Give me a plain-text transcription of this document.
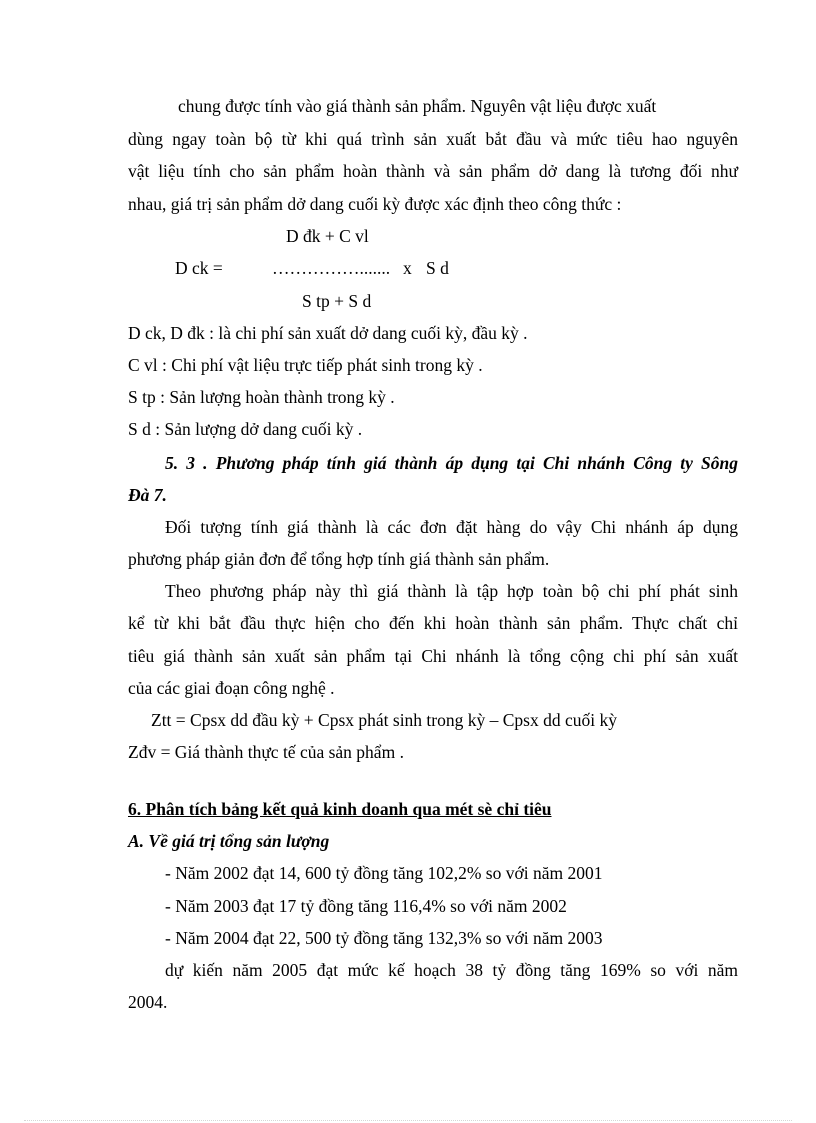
chung được tính vào giá thành sản phẩm. Nguyên vật liệu được xuất
dùng ngay toàn bộ từ khi quá trình sản xuất bắt đầu và mức tiêu hao nguyên
vật liệu tính cho sản phẩm hoàn thành và sản phẩm dở dang là tương đối như
nhau, giá trị sản phẩm dở dang cuối kỳ được xác định theo công thức :
D đk + C vl
D ck =	……………....... x S d
S tp + S d
D ck, D đk : là chi phí sản xuất dở dang cuối kỳ, đầu kỳ .
C vl : Chi phí vật liệu trực tiếp phát sinh trong kỳ .
S tp : Sản lượng hoàn thành trong kỳ .
S d : Sản lượng dở dang cuối kỳ .
5. 3 . Phương pháp tính giá thành áp dụng tại Chi nhánh Công ty Sông
Đà 7.
Đối tượng tính giá thành là các đơn đặt hàng do vậy Chi nhánh áp dụng
phương pháp giản đơn để tổng hợp tính giá thành sản phẩm.
Theo phương pháp này thì giá thành là tập hợp toàn bộ chi phí phát sinh
kể từ khi bắt đầu thực hiện cho đến khi hoàn thành sản phẩm. Thực chất chỉ
tiêu giá thành sản xuất sản phẩm tại Chi nhánh là tổng cộng chi phí sản xuất
của các giai đoạn công nghệ .
Ztt = Cpsx dd đầu kỳ + Cpsx phát sinh trong kỳ – Cpsx dd cuối kỳ
Zđv = Giá thành thực tế của sản phẩm .
6. Phân tích bảng kết quả kinh doanh qua mét sè chỉ tiêu
A. Về giá trị tổng sản lượng
- Năm 2002 đạt 14, 600 tỷ đồng tăng 102,2% so với năm 2001
- Năm 2003 đạt 17 tỷ đồng tăng 116,4% so với năm 2002
- Năm 2004 đạt 22, 500 tỷ đồng tăng 132,3% so với năm 2003
dự kiến năm 2005 đạt mức kế hoạch 38 tỷ đồng tăng 169% so với năm
2004.
